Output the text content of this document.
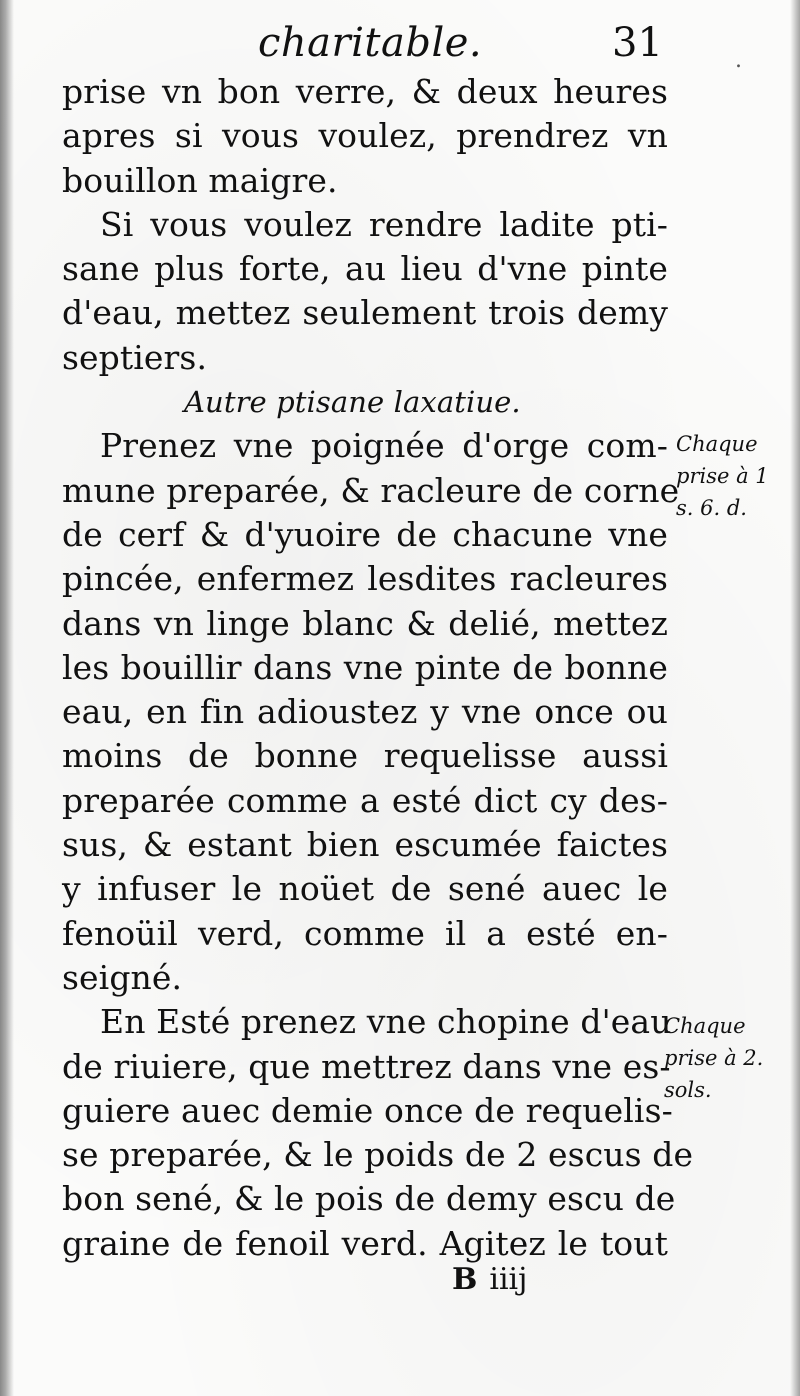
charitable.	31	.
prise vn bon verre, & deux heures
apres si vous voulez, prendrez vn
bouillon maigre.
Si vous voulez rendre ladite pti-
sane plus forte, au lieu d'vne pinte
d'eau, mettez seulement trois demy
septiers.
Autre ptisane laxatiue.
Prenez vne poignée d'orge com-
mune preparée, & racleure de corne
de cerf & d'yuoire de chacune vne
pincée, enfermez lesdites racleures
dans vn linge blanc & delié, mettez
les bouillir dans vne pinte de bonne
eau, en fin adioustez y vne once ou
moins de bonne requelisse aussi
preparée comme a esté dict cy des-
sus, & estant bien escumée faictes
y infuser le noüet de sené auec le
fenoüil verd, comme il a esté en-
seigné.
En Esté prenez vne chopine d'eau
de riuiere, que mettrez dans vne es-
guiere auec demie once de requelis-
se preparée, & le poids de 2 escus de
bon sené, & le pois de demy escu de
graine de fenoil verd. Agitez le tout
Chaque
prise à 1
s. 6. d.
Chaque
prise à 2.
sols.
B iiij
